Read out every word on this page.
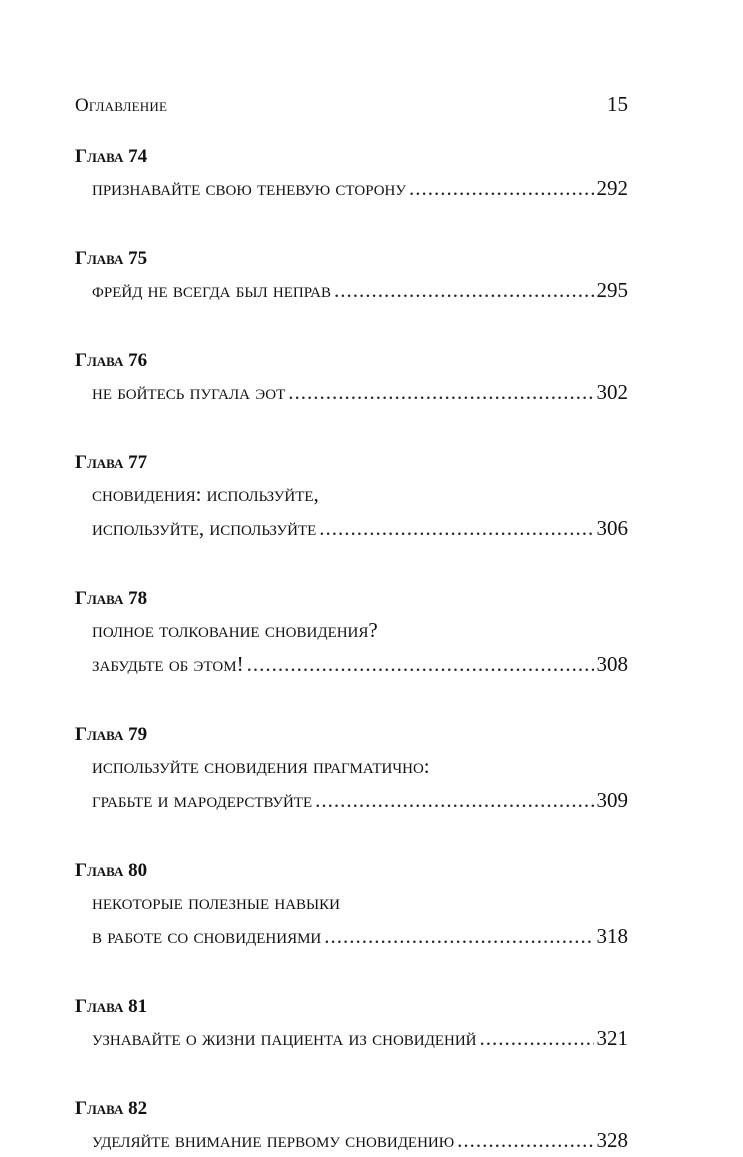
Оглавление	15
Глава 74
признавайте свою теневую сторону .....	292
Глава 75
фрейд не всегда был неправ .....	295
Глава 76
не бойтесь пугала эот .....	302
Глава 77
сновидения: используйте,
используйте, используйте .....	306
Глава 78
полное толкование сновидения?
забудьте об этом! .....	308
Глава 79
используйте сновидения прагматично:
грабьте и мародерствуйте .....	309
Глава 80
некоторые полезные навыки
в работе со сновидениями .....	318
Глава 81
узнавайте о жизни пациента из сновидений .....	321
Глава 82
уделяйте внимание первому сновидению .....	328
